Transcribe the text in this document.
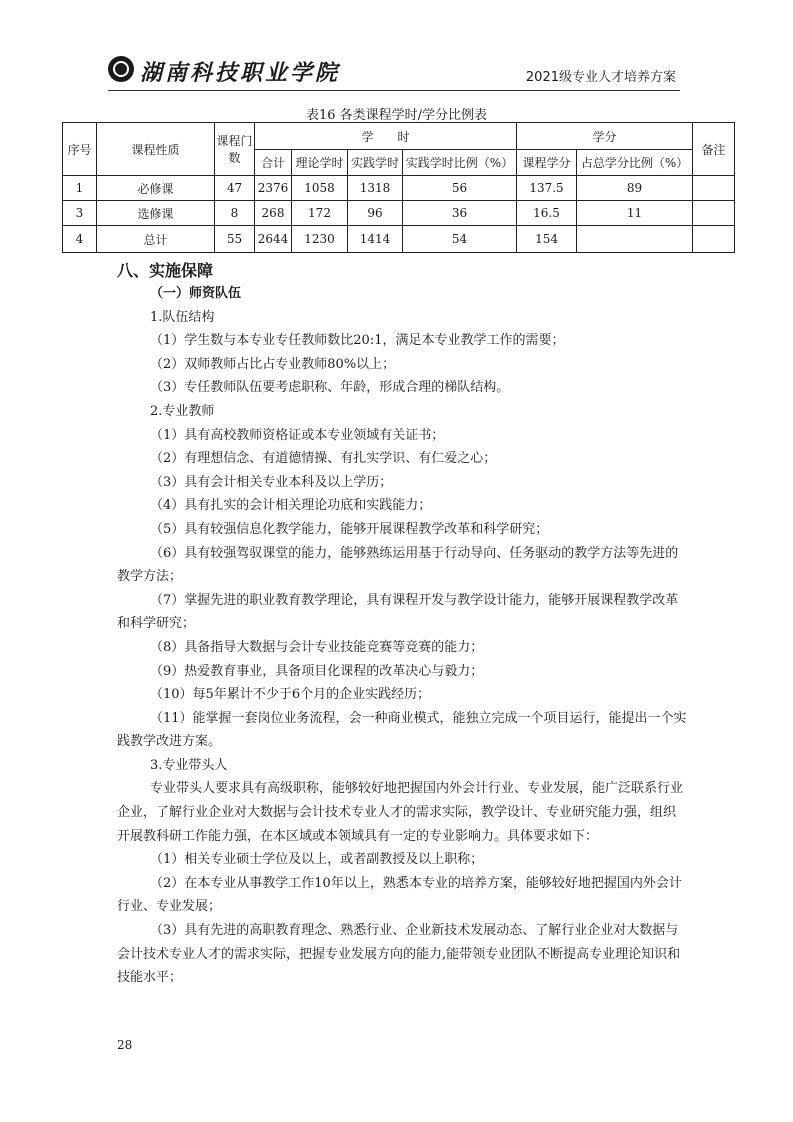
湖南科技职业学院	2021级专业人才培养方案
表16 各类课程学时/学分比例表
序号	课程性质	课程门数	学　　时				学分		备注
			合计	理论学时	实践学时	实践学时比例（%）	课程学分	占总学分比例（%）	
1	必修课	47	2376	1058	1318	56	137.5	89	
3	选修课	8	268	172	96	36	16.5	11	
4	总计	55	2644	1230	1414	54	154		
八、实施保障
（一）师资队伍
1.队伍结构
（1）学生数与本专业专任教师数比20:1，满足本专业教学工作的需要；
（2）双师教师占比占专业教师80%以上；
（3）专任教师队伍要考虑职称、年龄，形成合理的梯队结构。
2.专业教师
（1）具有高校教师资格证或本专业领域有关证书；
（2）有理想信念、有道德情操、有扎实学识、有仁爱之心；
（3）具有会计相关专业本科及以上学历；
（4）具有扎实的会计相关理论功底和实践能力；
（5）具有较强信息化教学能力，能够开展课程教学改革和科学研究；
（6）具有较强驾驭课堂的能力，能够熟练运用基于行动导向、任务驱动的教学方法等先进的教学方法；
（7）掌握先进的职业教育教学理论，具有课程开发与教学设计能力，能够开展课程教学改革和科学研究；
（8）具备指导大数据与会计专业技能竞赛等竞赛的能力；
（9）热爱教育事业，具备项目化课程的改革决心与毅力；
（10）每5年累计不少于6个月的企业实践经历；
（11）能掌握一套岗位业务流程，会一种商业模式，能独立完成一个项目运行，能提出一个实践教学改进方案。
3.专业带头人
专业带头人要求具有高级职称，能够较好地把握国内外会计行业、专业发展，能广泛联系行业企业，了解行业企业对大数据与会计技术专业人才的需求实际，教学设计、专业研究能力强，组织开展教科研工作能力强，在本区域或本领域具有一定的专业影响力。具体要求如下：
（1）相关专业硕士学位及以上，或者副教授及以上职称；
（2）在本专业从事教学工作10年以上，熟悉本专业的培养方案，能够较好地把握国内外会计行业、专业发展；
（3）具有先进的高职教育理念、熟悉行业、企业新技术发展动态、了解行业企业对大数据与会计技术专业人才的需求实际，把握专业发展方向的能力,能带领专业团队不断提高专业理论知识和技能水平；
28
